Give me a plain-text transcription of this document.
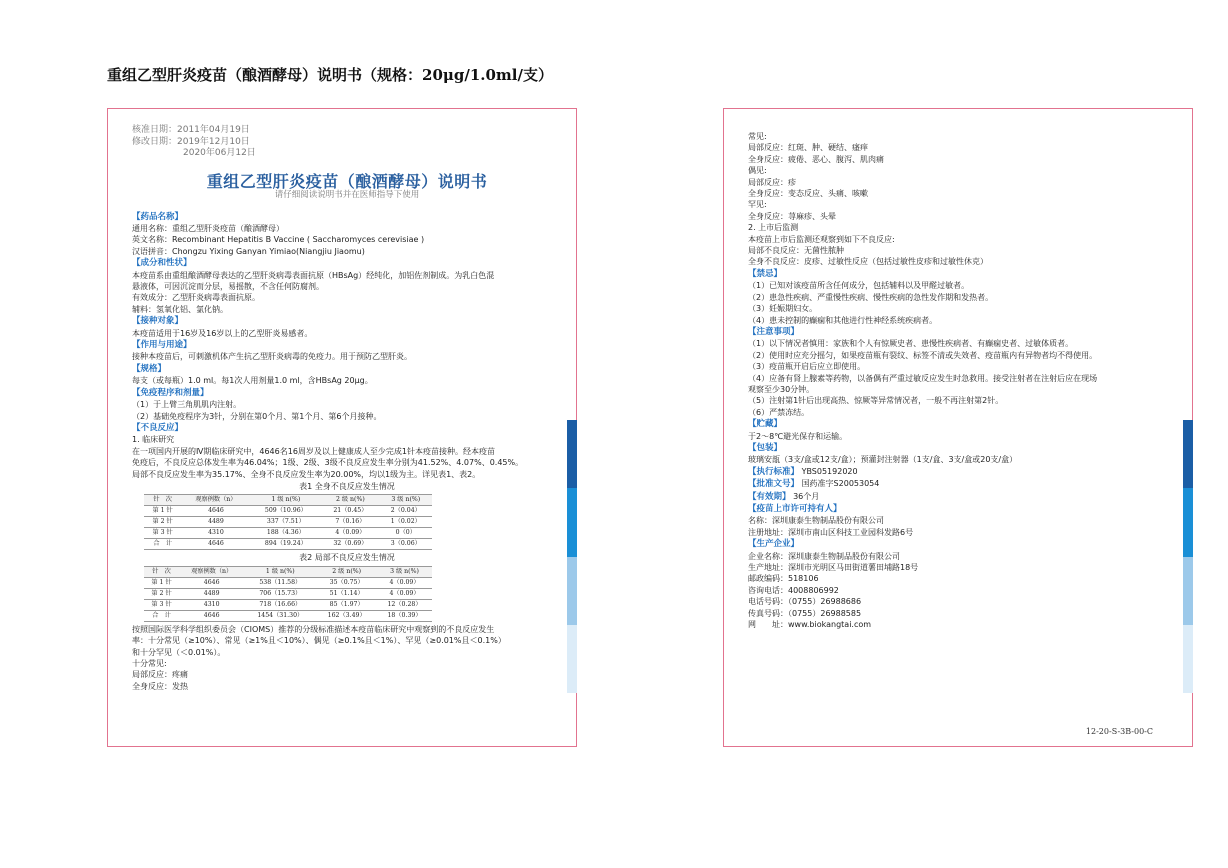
重组乙型肝炎疫苗（酿酒酵母）说明书（规格：20μg/1.0ml/支）
核准日期：2011年04月19日
修改日期：2019年12月10日
2020年06月12日
重组乙型肝炎疫苗（酿酒酵母）说明书
请仔细阅读说明书并在医师指导下使用
【药品名称】
通用名称：重组乙型肝炎疫苗（酿酒酵母）
英文名称：Recombinant Hepatitis B Vaccine ( Saccharomyces cerevisiae )
汉语拼音：Chongzu Yixing Ganyan Yimiao(Niangjiu Jiaomu)
【成分和性状】
本疫苗系由重组酿酒酵母表达的乙型肝炎病毒表面抗原（HBsAg）经纯化，加铝佐剂制成。为乳白色混
悬液体，可因沉淀而分层，易摇散，不含任何防腐剂。
有效成分：乙型肝炎病毒表面抗原。
辅料：氢氧化铝、氯化钠。
【接种对象】
本疫苗适用于16岁及16岁以上的乙型肝炎易感者。
【作用与用途】
接种本疫苗后，可刺激机体产生抗乙型肝炎病毒的免疫力。用于预防乙型肝炎。
【规格】
每支（或每瓶）1.0 ml。每1次人用剂量1.0 ml，含HBsAg 20μg。
【免疫程序和剂量】
（1）于上臂三角肌肌内注射。
（2）基础免疫程序为3针，分别在第0个月、第1个月、第6个月接种。
【不良反应】
1. 临床研究
在一项国内开展的Ⅳ期临床研究中，4646名16周岁及以上健康成人至少完成1针本疫苗接种。经本疫苗
免疫后，不良反应总体发生率为46.04%；1级、2级、3级不良反应发生率分别为41.52%、4.07%、0.45%。
局部不良反应发生率为35.17%、全身不良反应发生率为20.00%，均以1级为主。详见表1、表2。
表1 全身不良反应发生情况
针　次	观察例数（n）	1 级 n(%)	2 级 n(%)	3 级 n(%)
第 1 针	4646	509（10.96）	21（0.45）	2（0.04）
第 2 针	4489	337（7.51）	7（0.16）	1（0.02）
第 3 针	4310	188（4.36）	4（0.09）	0（0）
合　计	4646	894（19.24）	32（0.69）	3（0.06）
表2 局部不良反应发生情况
针　次	观察例数（n）	1 级 n(%)	2 级 n(%)	3 级 n(%)
第 1 针	4646	538（11.58）	35（0.75）	4（0.09）
第 2 针	4489	706（15.73）	51（1.14）	4（0.09）
第 3 针	4310	718（16.66）	85（1.97）	12（0.28）
合　计	4646	1454（31.30）	162（3.49）	18（0.39）
按照国际医学科学组织委员会（CIOMS）推荐的分级标准描述本疫苗临床研究中观察到的不良反应发生
率：十分常见（≥10%）、常见（≥1%且＜10%）、偶见（≥0.1%且＜1%）、罕见（≥0.01%且＜0.1%）
和十分罕见（＜0.01%）。
十分常见:
局部反应：疼痛
全身反应：发热
常见:
局部反应：红斑、肿、硬结、瘙痒
全身反应：疲倦、恶心、腹泻、肌肉痛
偶见:
局部反应：疹
全身反应：变态反应、头痛、咳嗽
罕见:
全身反应：荨麻疹、头晕
2. 上市后监测
本疫苗上市后监测还观察到如下不良反应:
局部不良反应：无菌性脓肿
全身不良反应：皮疹、过敏性反应（包括过敏性皮疹和过敏性休克）
【禁忌】
（1）已知对该疫苗所含任何成分，包括辅料以及甲醛过敏者。
（2）患急性疾病、严重慢性疾病、慢性疾病的急性发作期和发热者。
（3）妊娠期妇女。
（4）患未控制的癫痫和其他进行性神经系统疾病者。
【注意事项】
（1）以下情况者慎用：家族和个人有惊厥史者、患慢性疾病者、有癫痫史者、过敏体质者。
（2）使用时应充分摇匀，如果疫苗瓶有裂纹、标签不清或失效者、疫苗瓶内有异物者均不得使用。
（3）疫苗瓶开启后应立即使用。
（4）应备有肾上腺素等药物，以备偶有严重过敏反应发生时急救用。接受注射者在注射后应在现场
观察至少30分钟。
（5）注射第1针后出现高热、惊厥等异常情况者，一般不再注射第2针。
（6）严禁冻结。
【贮藏】
于2～8℃避光保存和运输。
【包装】
玻璃安瓿（3支/盒或12支/盒）；预灌封注射器（1支/盒、3支/盒或20支/盒）
【执行标准】 YBS05192020
【批准文号】 国药准字S20053054
【有效期】 36个月
【疫苗上市许可持有人】
名称：深圳康泰生物制品股份有限公司
注册地址：深圳市南山区科技工业园科发路6号
【生产企业】
企业名称：深圳康泰生物制品股份有限公司
生产地址：深圳市光明区马田街道薯田埔路18号
邮政编码：518106
咨询电话：4008806992
电话号码：（0755）26988686
传真号码：（0755）26988585
网　　址：www.biokangtai.com
12-20-S-3B-00-C
